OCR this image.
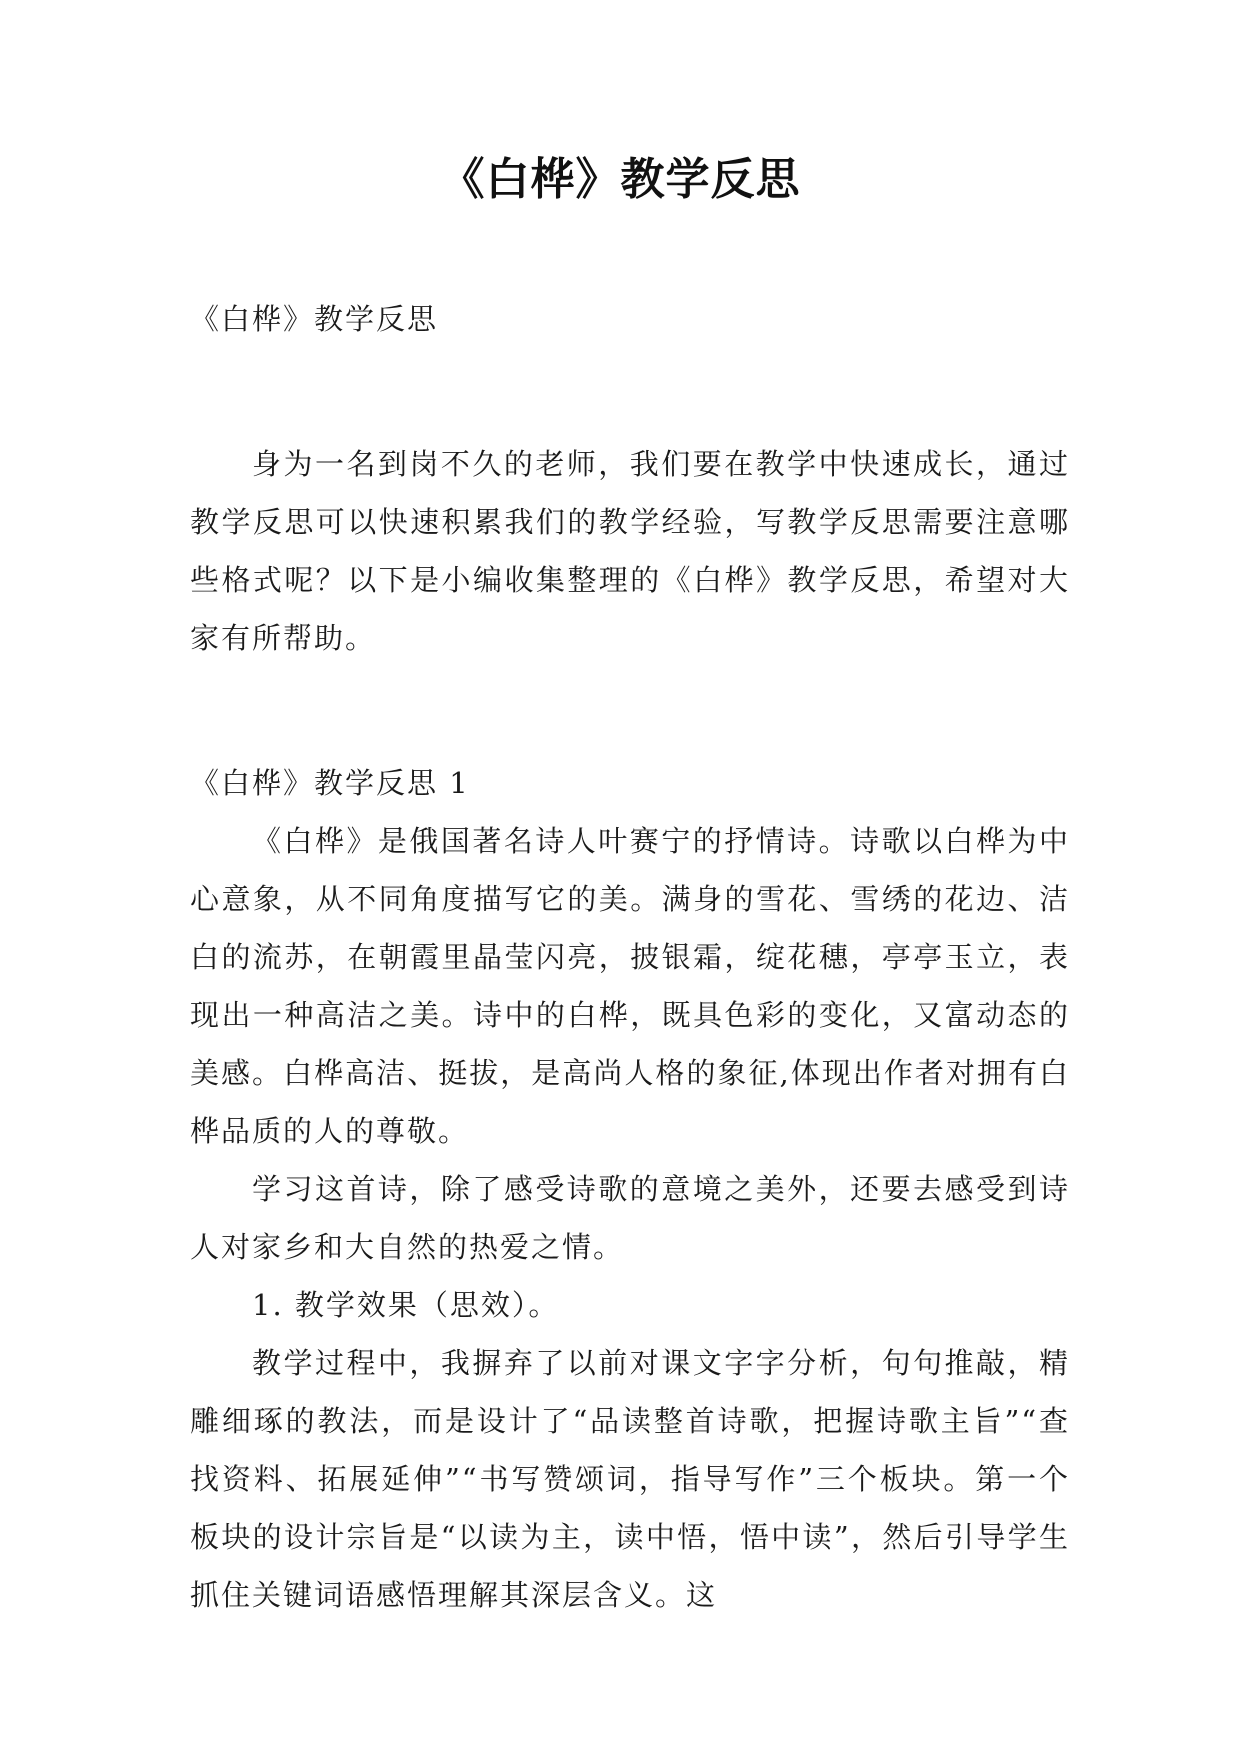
《白桦》教学反思

《白桦》教学反思

身为一名到岗不久的老师，我们要在教学中快速成长，通过教学反思可以快速积累我们的教学经验，写教学反思需要注意哪些格式呢？以下是小编收集整理的《白桦》教学反思，希望对大家有所帮助。

《白桦》教学反思 1

《白桦》是俄国著名诗人叶赛宁的抒情诗。诗歌以白桦为中心意象，从不同角度描写它的美。满身的雪花、雪绣的花边、洁白的流苏，在朝霞里晶莹闪亮，披银霜，绽花穗，亭亭玉立，表现出一种高洁之美。诗中的白桦，既具色彩的变化，又富动态的美感。白桦高洁、挺拔，是高尚人格的象征,体现出作者对拥有白桦品质的人的尊敬。

学习这首诗，除了感受诗歌的意境之美外，还要去感受到诗人对家乡和大自然的热爱之情。

1. 教学效果（思效）。

教学过程中，我摒弃了以前对课文字字分析，句句推敲，精雕细琢的教法，而是设计了“品读整首诗歌，把握诗歌主旨”“查找资料、拓展延伸”“书写赞颂词，指导写作”三个板块。第一个板块的设计宗旨是“以读为主，读中悟，悟中读”，然后引导学生抓住关键词语感悟理解其深层含义。这
